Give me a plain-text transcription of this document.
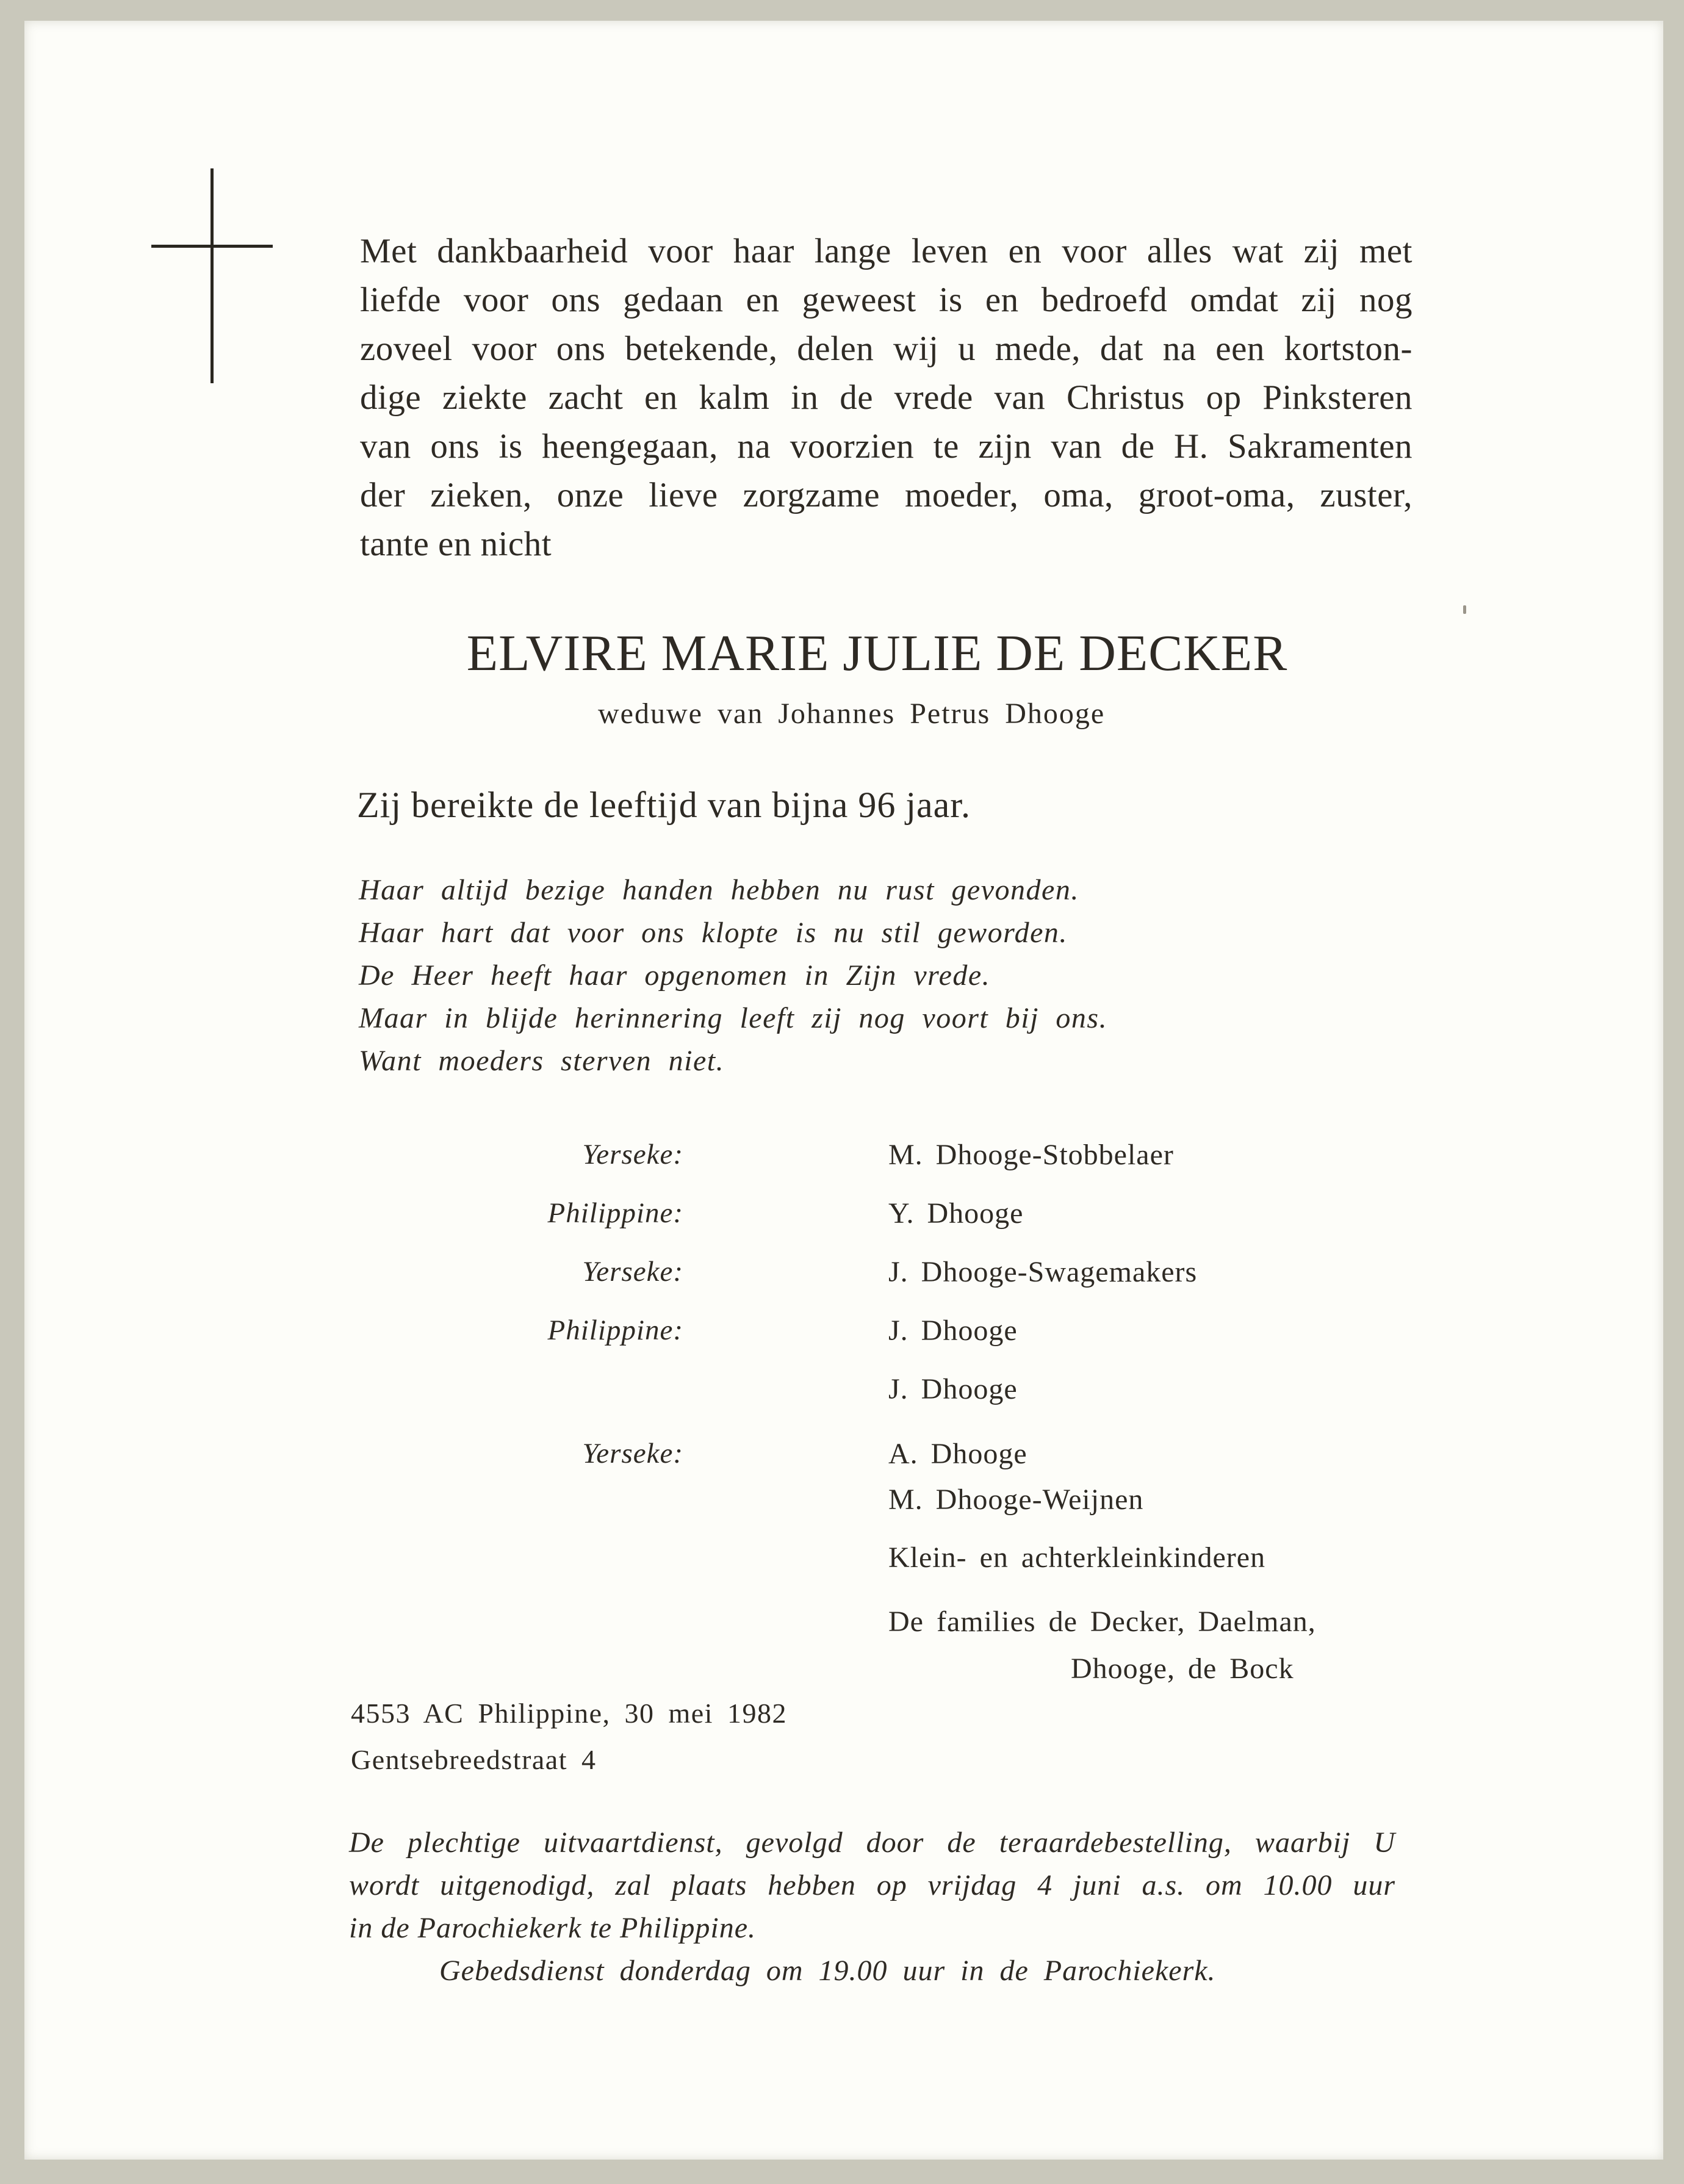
Met dankbaarheid voor haar lange leven en voor alles wat zij met
liefde voor ons gedaan en geweest is en bedroefd omdat zij nog
zoveel voor ons betekende, delen wij u mede, dat na een kortston-
dige ziekte zacht en kalm in de vrede van Christus op Pinksteren
van ons is heengegaan, na voorzien te zijn van de H. Sakramenten
der zieken, onze lieve zorgzame moeder, oma, groot-oma, zuster,
tante en nicht
ELVIRE MARIE JULIE DE DECKER
weduwe van Johannes Petrus Dhooge
Zij bereikte de leeftijd van bijna 96 jaar.
Haar altijd bezige handen hebben nu rust gevonden.
Haar hart dat voor ons klopte is nu stil geworden.
De Heer heeft haar opgenomen in Zijn vrede.
Maar in blijde herinnering leeft zij nog voort bij ons.
Want moeders sterven niet.
Yerseke:	M. Dhooge-Stobbelaer
Philippine:	Y. Dhooge
Yerseke:	J. Dhooge-Swagemakers
Philippine:	J. Dhooge
J. Dhooge
Yerseke:	A. Dhooge
M. Dhooge-Weijnen
Klein- en achterkleinkinderen
De families de Decker, Daelman,
Dhooge, de Bock
4553 AC Philippine, 30 mei 1982
Gentsebreedstraat 4
De plechtige uitvaartdienst, gevolgd door de teraardebestelling, waarbij U
wordt uitgenodigd, zal plaats hebben op vrijdag 4 juni a.s. om 10.00 uur
in de Parochiekerk te Philippine.
Gebedsdienst donderdag om 19.00 uur in de Parochiekerk.
